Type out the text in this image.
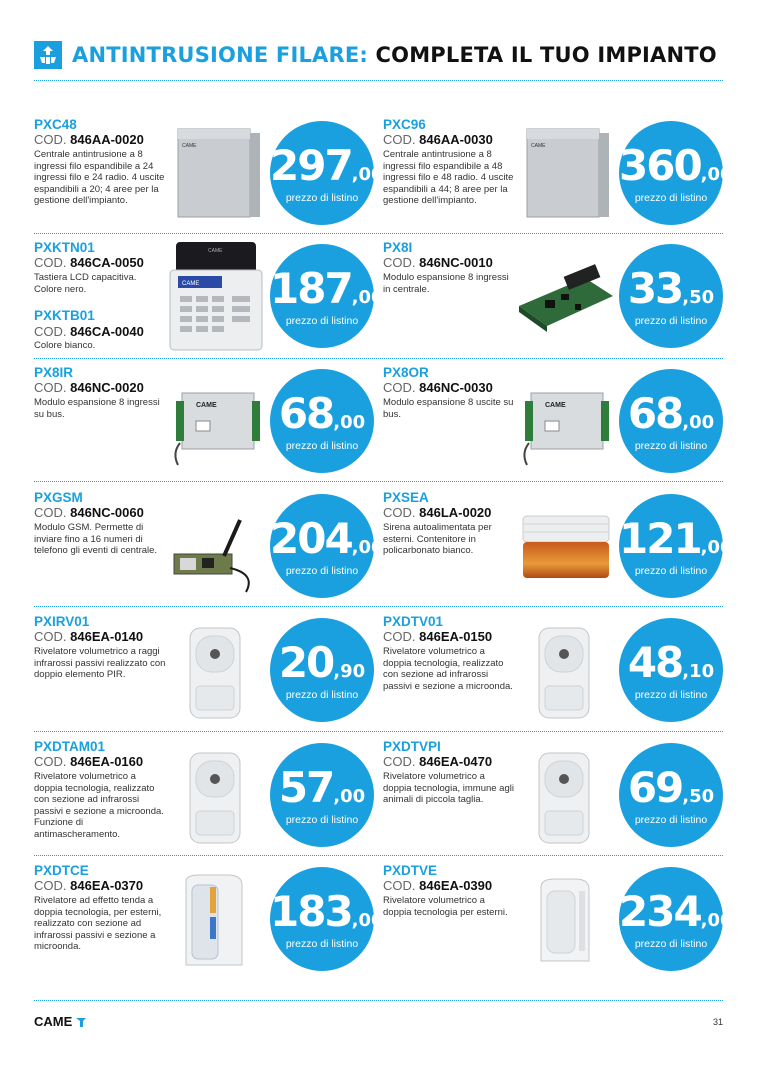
ANTINTRUSIONE FILARE: COMPLETA IL TUO IMPIANTO
PXC48
COD. 846AA-0020
Centrale antintrusione a 8 ingressi filo espandibile a 24 ingressi filo e 24 radio. 4 uscite espandibili a 20; 4 aree per la gestione dell'impianto.
CAME 297,00
prezzo di listino
PXC96
COD. 846AA-0030
Centrale antintrusione a 8 ingressi filo espandibile a 48 ingressi filo e 48 radio. 4 uscite espandibili a 44; 8 aree per la gestione dell'impianto.
CAME 360,00
prezzo di listino
PXKTN01
COD. 846CA-0050
Tastiera LCD capacitiva. Colore nero.
PXKTB01
COD. 846CA-0040
Colore bianco.
CAME
CAME 187,00
prezzo di listino
PX8I
COD. 846NC-0010
Modulo espansione 8 ingressi in centrale.	33,50
prezzo di listino
PX8IR
COD. 846NC-0020
Modulo espansione 8 ingressi su bus.
CAME 68,00
prezzo di listino
PX8OR
COD. 846NC-0030
Modulo espansione 8 uscite su bus.
CAME 68,00
prezzo di listino
PXGSM
COD. 846NC-0060
Modulo GSM. Permette di inviare fino a 16 numeri di telefono gli eventi di centrale.	204,00
prezzo di listino
PXSEA
COD. 846LA-0020
Sirena autoalimentata per esterni. Contenitore in policarbonato bianco.	121,00
prezzo di listino
PXIRV01
COD. 846EA-0140
Rivelatore volumetrico a raggi infrarossi passivi realizzato con doppio elemento PIR.	20,90
prezzo di listino
PXDTV01
COD. 846EA-0150
Rivelatore volumetrico a doppia tecnologia, realizzato con sezione ad infrarossi passivi e sezione a microonda.	48,10
prezzo di listino
PXDTAM01
COD. 846EA-0160
Rivelatore volumetrico a doppia tecnologia, realizzato con sezione ad infrarossi passivi e sezione a microonda. Funzione di antimascheramento.
57,00
prezzo di listino
PXDTVPI
COD. 846EA-0470
Rivelatore volumetrico a doppia tecnologia, immune agli animali di piccola taglia.	69,50
prezzo di listino
PXDTCE
COD. 846EA-0370
Rivelatore ad effetto tenda a doppia tecnologia, per esterni, realizzato con sezione ad infrarossi passivi e sezione a microonda.
183,00
prezzo di listino
PXDTVE
COD. 846EA-0390
Rivelatore volumetrico a doppia tecnologia per esterni.	234,00
prezzo di listino
CAME	31
